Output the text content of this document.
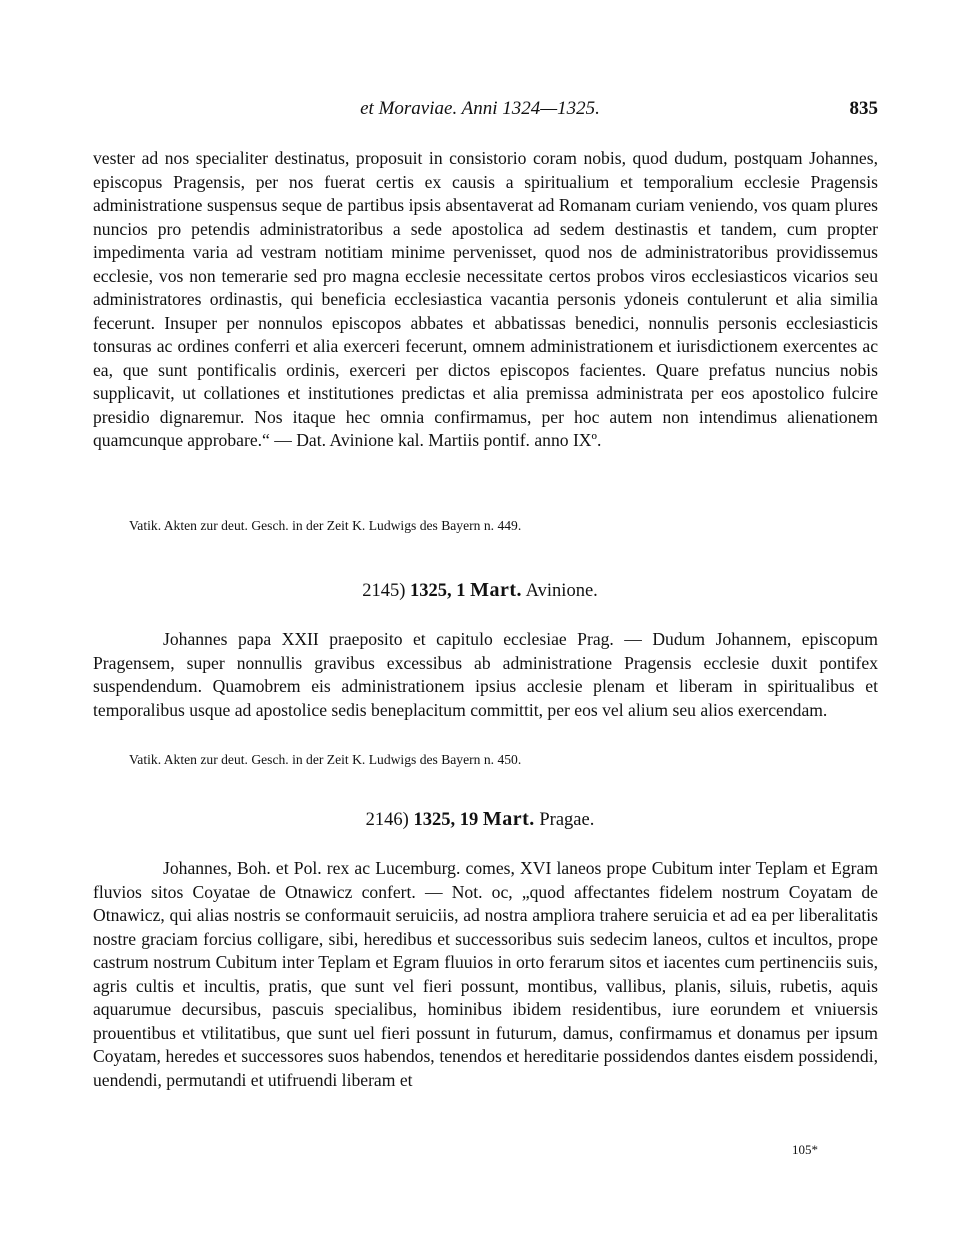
et Moraviae. Anni 1324—1325.	835

vester ad nos specialiter destinatus, proposuit in consistorio coram nobis, quod dudum, postquam Johannes, episcopus Pragensis, per nos fuerat certis ex causis a spiritualium et temporalium ecclesie Pragensis administratione suspensus seque de partibus ipsis absentaverat ad Romanam curiam veniendo, vos quam plures nuncios pro petendis administratoribus a sede apostolica ad sedem destinastis et tandem, cum propter impedimenta varia ad vestram notitiam minime pervenisset, quod nos de administratoribus providissemus ecclesie, vos non temerarie sed pro magna ecclesie necessitate certos probos viros ecclesiasticos vicarios seu administratores ordinastis, qui beneficia ecclesiastica vacantia personis ydoneis contulerunt et alia similia fecerunt. Insuper per nonnulos episcopos abbates et abbatissas benedici, nonnulis personis ecclesiasticis tonsuras ac ordines conferri et alia exerceri fecerunt, omnem administrationem et iurisdictionem exercentes ac ea, que sunt pontificalis ordinis, exerceri per dictos episcopos facientes. Quare prefatus nuncius nobis supplicavit, ut collationes et institutiones predictas et alia premissa administrata per eos apostolico fulcire presidio dignaremur. Nos itaque hec omnia confirmamus, per hoc autem non intendimus alienationem quamcunque approbare.“ — Dat. Avinione kal. Martiis pontif. anno IXº.

Vatik. Akten zur deut. Gesch. in der Zeit K. Ludwigs des Bayern n. 449.

2145) 1325, 1 Mart. Avinione.

Johannes papa XXII praeposito et capitulo ecclesiae Prag. — Dudum Johannem, episcopum Pragensem, super nonnullis gravibus excessibus ab administratione Pragensis ecclesie duxit pontifex suspendendum. Quamobrem eis administrationem ipsius acclesie plenam et liberam in spiritualibus et temporalibus usque ad apostolice sedis beneplacitum committit, per eos vel alium seu alios exercendam.

Vatik. Akten zur deut. Gesch. in der Zeit K. Ludwigs des Bayern n. 450.

2146) 1325, 19 Mart. Pragae.

Johannes, Boh. et Pol. rex ac Lucemburg. comes, XVI laneos prope Cubitum inter Teplam et Egram fluvios sitos Coyatae de Otnawicz confert. — Not. oc, „quod affectantes fidelem nostrum Coyatam de Otnawicz, qui alias nostris se conformauit seruiciis, ad nostra ampliora trahere seruicia et ad ea per liberalitatis nostre graciam forcius colligare, sibi, heredibus et successoribus suis sedecim laneos, cultos et incultos, prope castrum nostrum Cubitum inter Teplam et Egram fluuios in orto ferarum sitos et iacentes cum pertinenciis suis, agris cultis et incultis, pratis, que sunt vel fieri possunt, montibus, vallibus, planis, siluis, rubetis, aquis aquarumue decursibus, pascuis specialibus, hominibus ibidem residentibus, iure eorundem et vniuersis prouentibus et vtilitatibus, que sunt uel fieri possunt in futurum, damus, confirmamus et donamus per ipsum Coyatam, heredes et successores suos habendos, tenendos et hereditarie possidendos dantes eisdem possidendi, uendendi, permutandi et utifruendi liberam et

105*
